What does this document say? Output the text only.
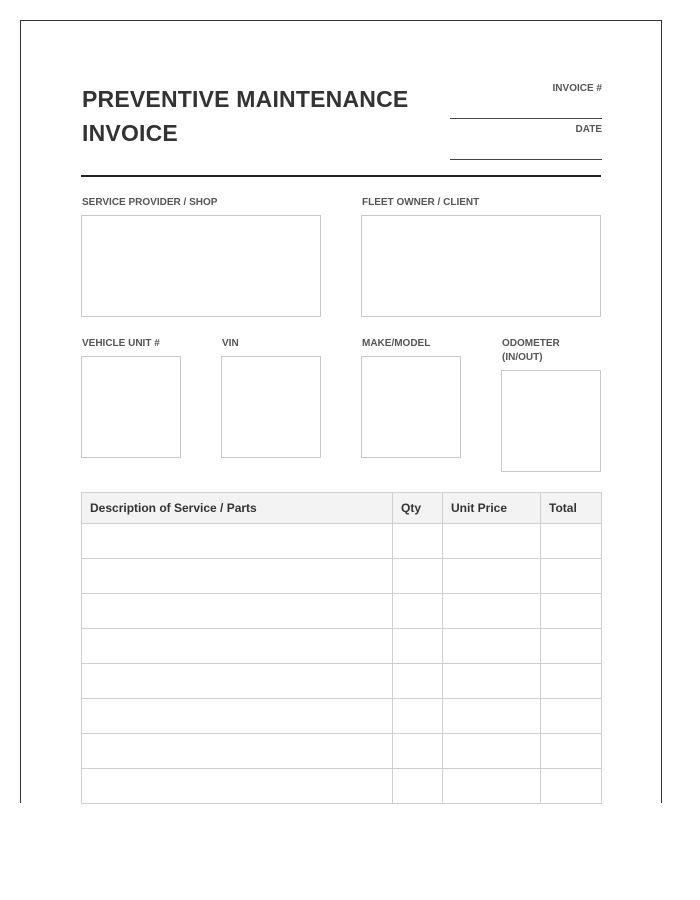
PREVENTIVE MAINTENANCE INVOICE
INVOICE #
DATE
SERVICE PROVIDER / SHOP	FLEET OWNER / CLIENT
VEHICLE UNIT #	VIN	MAKE/MODEL	ODOMETER (IN/OUT)
Description of Service / Parts	Qty	Unit Price	Total
